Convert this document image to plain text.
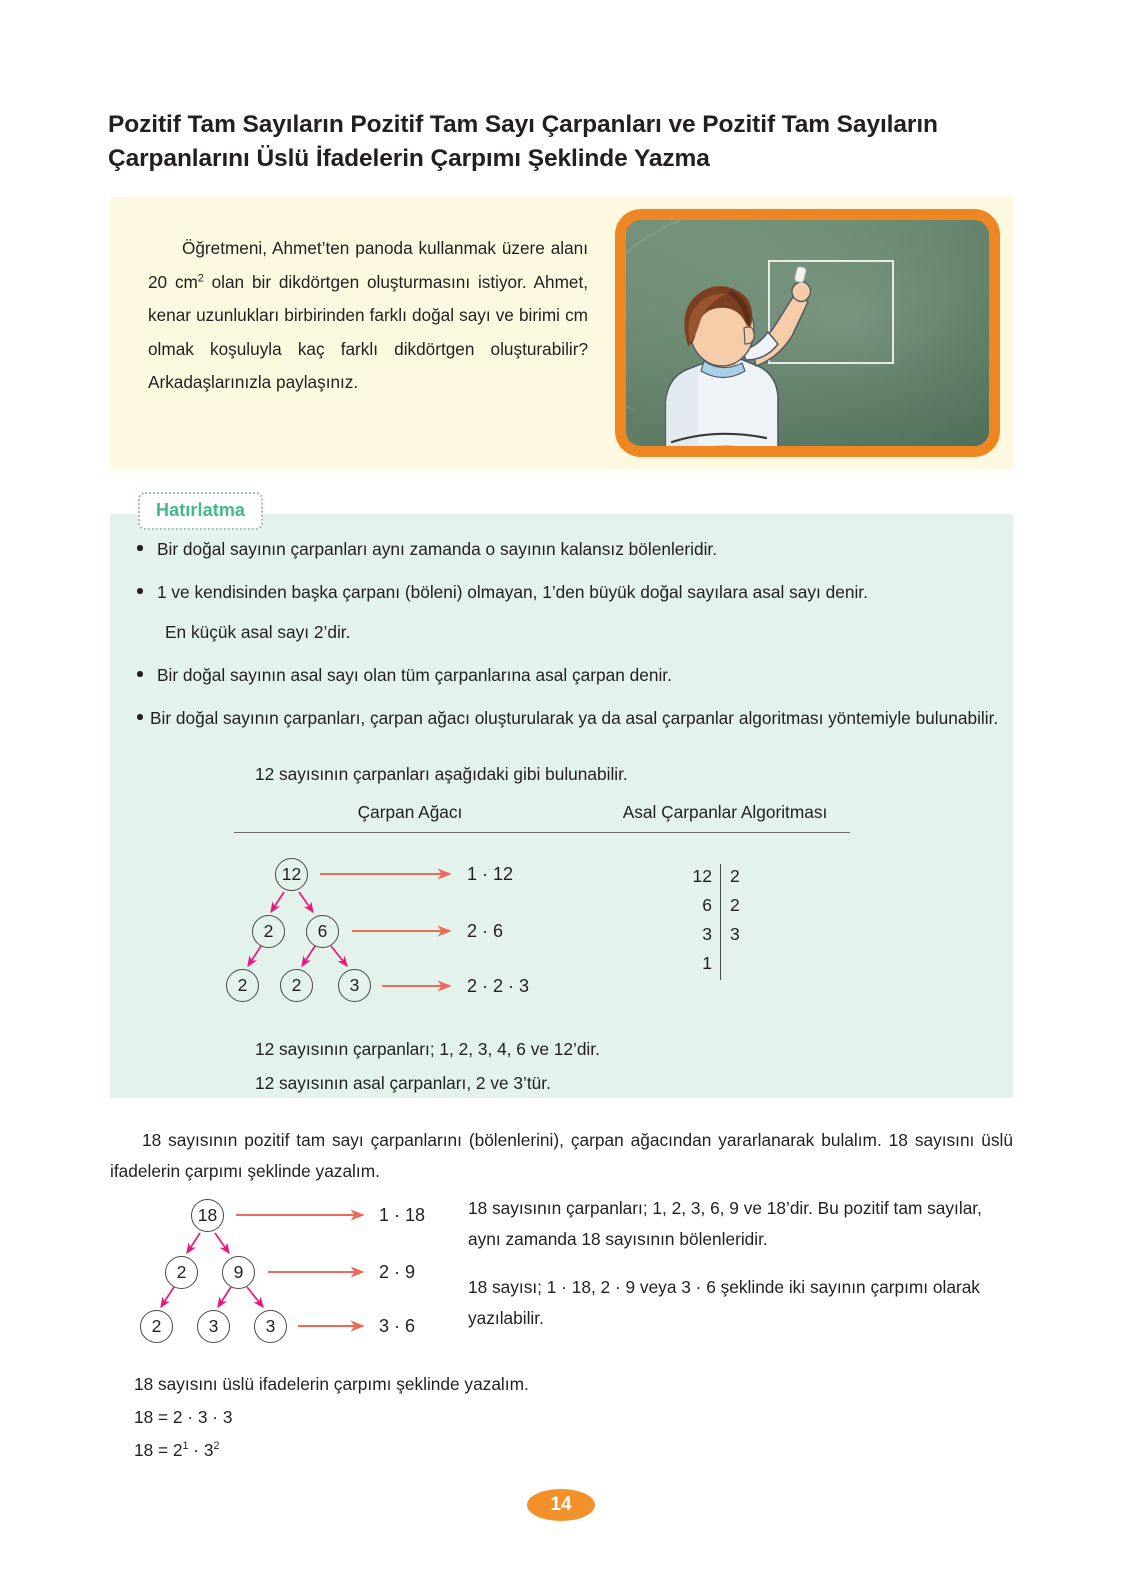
Pozitif Tam Sayıların Pozitif Tam Sayı Çarpanları ve Pozitif Tam Sayıların Çarpanlarını Üslü İfadelerin Çarpımı Şeklinde Yazma
Öğretmeni, Ahmet’ten panoda kullanmak üzere alanı 20 $cm^2$ olan bir dikdörtgen oluşturmasını istiyor. Ahmet, kenar uzunlukları birbirinden farklı doğal sayı ve birimi cm olmak koşuluyla kaç farklı dikdörtgen oluşturabilir? Arkadaşlarınızla paylaşınız.
Hatırlatma
Bir doğal sayının çarpanları aynı zamanda o sayının kalansız bölenleridir.
1 ve kendisinden başka çarpanı (böleni) olmayan, 1’den büyük doğal sayılara asal sayı denir.
En küçük asal sayı 2’dir.
Bir doğal sayının asal sayı olan tüm çarpanlarına asal çarpan denir.
Bir doğal sayının çarpanları, çarpan ağacı oluşturularak ya da asal çarpanlar algoritması yöntemiyle bulunabilir.
12 sayısının çarpanları aşağıdaki gibi bulunabilir.
Çarpan Ağacı
12
2	6
2	2	3
1 · 12
2 · 6
2 · 2 · 3
Asal Çarpanlar Algoritması
12 2
6 2
3 3
1
12 sayısının çarpanları; 1, 2, 3, 4, 6 ve 12’dir.
12 sayısının asal çarpanları, 2 ve 3’tür.
18 sayısının pozitif tam sayı çarpanlarını (bölenlerini), çarpan ağacından yararlanarak bulalım. 18 sayısını üslü ifadelerin çarpımı şeklinde yazalım.
18
2	9
2	3	3
1 · 18
2 · 9
3 · 6
18 sayısının çarpanları; 1, 2, 3, 6, 9 ve 18’dir. Bu pozitif tam sayılar, aynı zamanda 18 sayısının bölenleridir.
18 sayısı; 1 · 18, 2 · 9 veya 3 · 6 şeklinde iki sayının çarpımı olarak yazılabilir.
18 sayısını üslü ifadelerin çarpımı şeklinde yazalım.
18 = 2 · 3 · 3
$18 = 2^1 \cdot 3^2$
14
